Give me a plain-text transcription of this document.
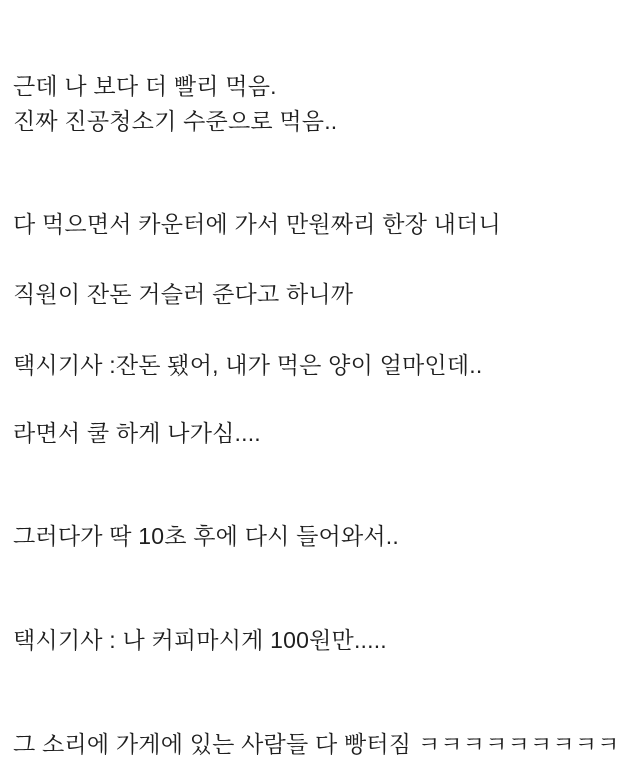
근데 나 보다 더 빨리 먹음.
진짜 진공청소기 수준으로 먹음..
다 먹으면서 카운터에 가서 만원짜리 한장 내더니
직원이 잔돈 거슬러 준다고 하니까
택시기사 :잔돈 됐어, 내가 먹은 양이 얼마인데..
라면서 쿨 하게 나가심....
그러다가 딱 10초 후에 다시 들어와서..
택시기사 : 나 커피마시게 100원만.....
그 소리에 가게에 있는 사람들 다 빵터짐 ㅋㅋㅋㅋㅋㅋㅋㅋㅋ
